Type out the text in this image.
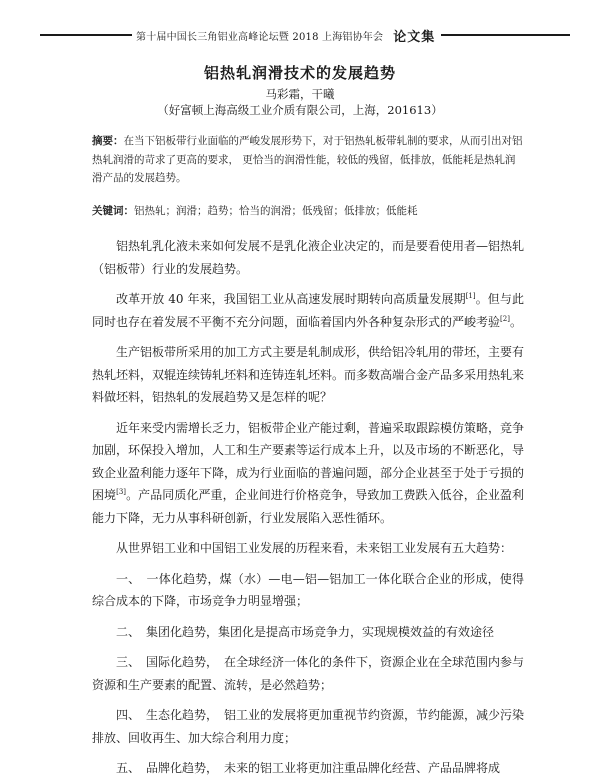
第十届中国长三角铝业高峰论坛暨 2018 上海铝协年会 论文集
铝热轧润滑技术的发展趋势
马彩霜，干曦
（好富顿上海高级工业介质有限公司，上海，201613）
摘要：在当下铝板带行业面临的严峻发展形势下，对于铝热轧板带轧制的要求，从而引出对铝热轧润滑的苛求了更高的要求， 更恰当的润滑性能，较低的残留，低排放，低能耗是热轧润滑产品的发展趋势。
关键词：铝热轧；润滑；趋势；恰当的润滑；低残留；低排放；低能耗

铝热轧乳化液未来如何发展不是乳化液企业决定的，而是要看使用者—铝热轧（铝板带）行业的发展趋势。

改革开放 40 年来，我国铝工业从高速发展时期转向高质量发展期[1]。但与此同时也存在着发展不平衡不充分问题，面临着国内外各种复杂形式的严峻考验[2]。

生产铝板带所采用的加工方式主要是轧制成形，供给铝冷轧用的带坯，主要有热轧坯料，双辊连续铸轧坯料和连铸连轧坯料。而多数高端合金产品多采用热轧来料做坯料，铝热轧的发展趋势又是怎样的呢？

近年来受内需增长乏力，铝板带企业产能过剩，普遍采取跟踪模仿策略，竞争加剧，环保投入增加，人工和生产要素等运行成本上升，以及市场的不断恶化，导致企业盈利能力逐年下降，成为行业面临的普遍问题，部分企业甚至于处于亏损的困境[3]。产品同质化严重，企业间进行价格竞争，导致加工费跌入低谷，企业盈利能力下降，无力从事科研创新，行业发展陷入恶性循环。

从世界铝工业和中国铝工业发展的历程来看，未来铝工业发展有五大趋势：

一、　一体化趋势，煤（水）—电—铝—铝加工一体化联合企业的形成，使得综合成本的下降，市场竞争力明显增强；

二、　集团化趋势，集团化是提高市场竞争力，实现规模效益的有效途径

三、　国际化趋势，　在全球经济一体化的条件下，资源企业在全球范围内参与资源和生产要素的配置、流转，是必然趋势；

四、　生态化趋势，　铝工业的发展将更加重视节约资源，节约能源，减少污染排放、回收再生、加大综合利用力度；

五、　品牌化趋势，　未来的铝工业将更加注重品牌化经营、产品品牌将成
